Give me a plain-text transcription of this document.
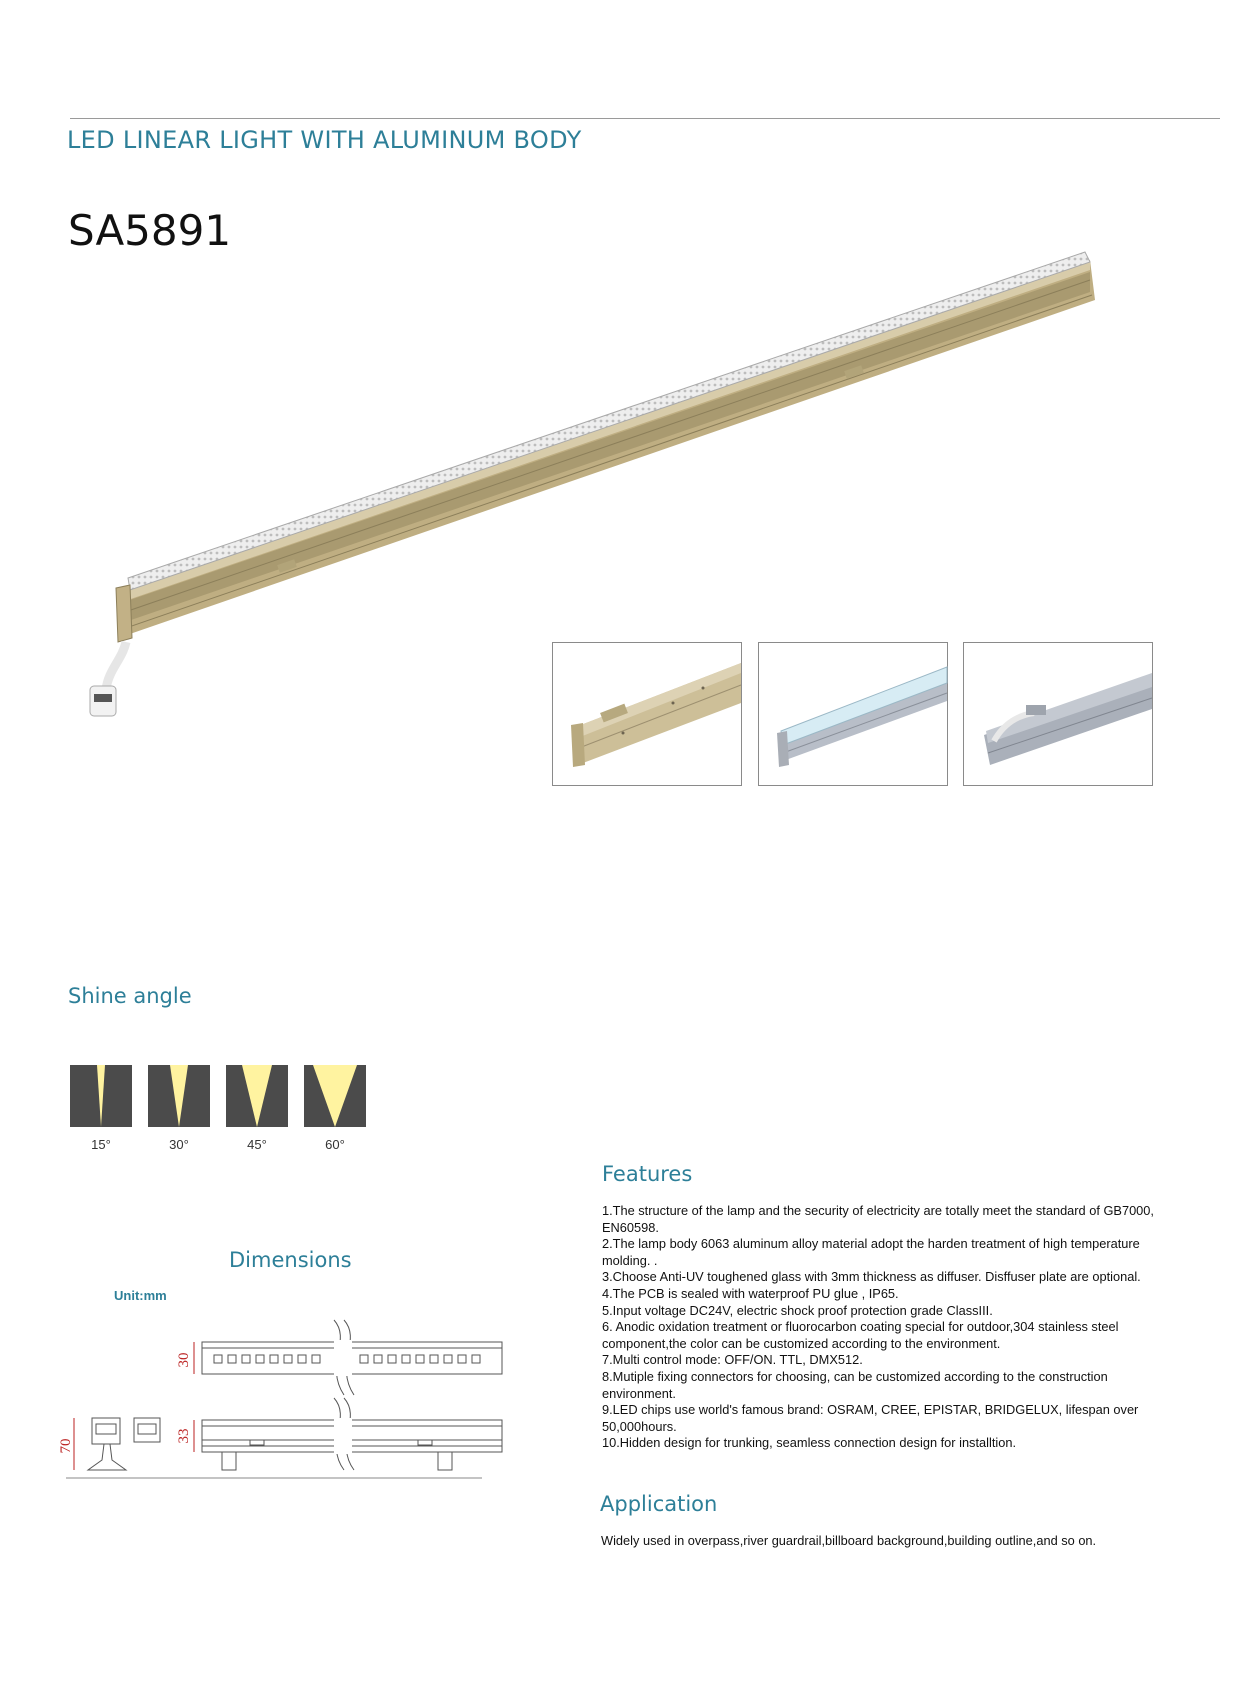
LED LINEAR LIGHT WITH ALUMINUM BODY
SA5891
Shine angle
15°	30°	45°	60°
Dimensions
Unit:mm
30
33
70
Features
1.The structure of the lamp and the security of electricity are totally meet the standard of GB7000, EN60598.
2.The lamp body 6063 aluminum alloy material adopt the harden treatment of high temperature molding. .
3.Choose Anti-UV toughened glass with 3mm thickness as diffuser. Disffuser plate are optional.
4.The PCB is sealed with waterproof PU glue , IP65.
5.Input voltage DC24V, electric shock proof protection grade ClassIII.
6. Anodic oxidation treatment or fluorocarbon coating special for outdoor,304 stainless steel component,the color can be customized according to the environment.
7.Multi control mode: OFF/ON. TTL, DMX512.
8.Mutiple fixing connectors for choosing, can be customized according to the construction environment.
9.LED chips use world's famous brand: OSRAM, CREE, EPISTAR, BRIDGELUX, lifespan over 50,000hours.
10.Hidden design for trunking, seamless connection design for installtion.
Application
Widely used in overpass,river guardrail,billboard background,building outline,and so on.
